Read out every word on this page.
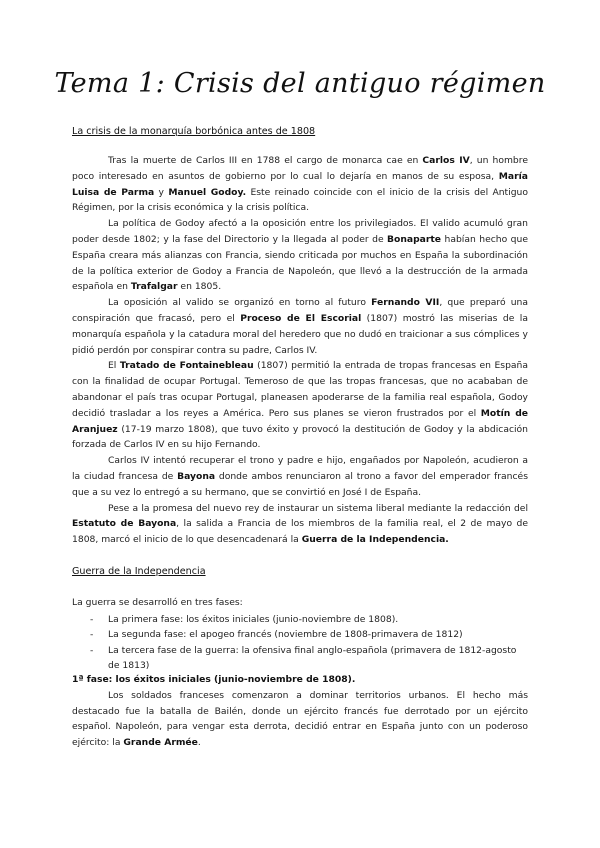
Tema 1: Crisis del antiguo régimen
La crisis de la monarquía borbónica antes de 1808

Tras la muerte de Carlos III en 1788 el cargo de monarca cae en Carlos IV, un hombre poco interesado en asuntos de gobierno por lo cual lo dejaría en manos de su esposa, María Luisa de Parma y Manuel Godoy. Este reinado coincide con el inicio de la crisis del Antiguo Régimen, por la crisis económica y la crisis política.

La política de Godoy afectó a la oposición entre los privilegiados. El valido acumuló gran poder desde 1802; y la fase del Directorio y la llegada al poder de Bonaparte habían hecho que España creara más alianzas con Francia, siendo criticada por muchos en España la subordinación de la política exterior de Godoy a Francia de Napoleón, que llevó a la destrucción de la armada española en Trafalgar en 1805.

La oposición al valido se organizó en torno al futuro Fernando VII, que preparó una conspiración que fracasó, pero el Proceso de El Escorial (1807) mostró las miserias de la monarquía española y la catadura moral del heredero que no dudó en traicionar a sus cómplices y pidió perdón por conspirar contra su padre, Carlos IV.

El Tratado de Fontainebleau (1807) permitió la entrada de tropas francesas en España con la finalidad de ocupar Portugal. Temeroso de que las tropas francesas, que no acababan de abandonar el país tras ocupar Portugal, planeasen apoderarse de la familia real española, Godoy decidió trasladar a los reyes a América. Pero sus planes se vieron frustrados por el Motín de Aranjuez (17-19 marzo 1808), que tuvo éxito y provocó la destitución de Godoy y la abdicación forzada de Carlos IV en su hijo Fernando.

Carlos IV intentó recuperar el trono y padre e hijo, engañados por Napoleón, acudieron a la ciudad francesa de Bayona donde ambos renunciaron al trono a favor del emperador francés que a su vez lo entregó a su hermano, que se convirtió en José I de España.

Pese a la promesa del nuevo rey de instaurar un sistema liberal mediante la redacción del Estatuto de Bayona, la salida a Francia de los miembros de la familia real, el 2 de mayo de 1808, marcó el inicio de lo que desencadenará la Guerra de la Independencia.

Guerra de la Independencia

La guerra se desarrolló en tres fases:

- La primera fase: los éxitos iniciales (junio-noviembre de 1808).
- La segunda fase: el apogeo francés (noviembre de 1808-primavera de 1812)
- La tercera fase de la guerra: la ofensiva final anglo-española (primavera de 1812-agosto de 1813)

1ª fase: los éxitos iniciales (junio-noviembre de 1808).

Los soldados franceses comenzaron a dominar territorios urbanos. El hecho más destacado fue la batalla de Bailén, donde un ejército francés fue derrotado por un ejército español. Napoleón, para vengar esta derrota, decidió entrar en España junto con un poderoso ejército: la Grande Armée.
